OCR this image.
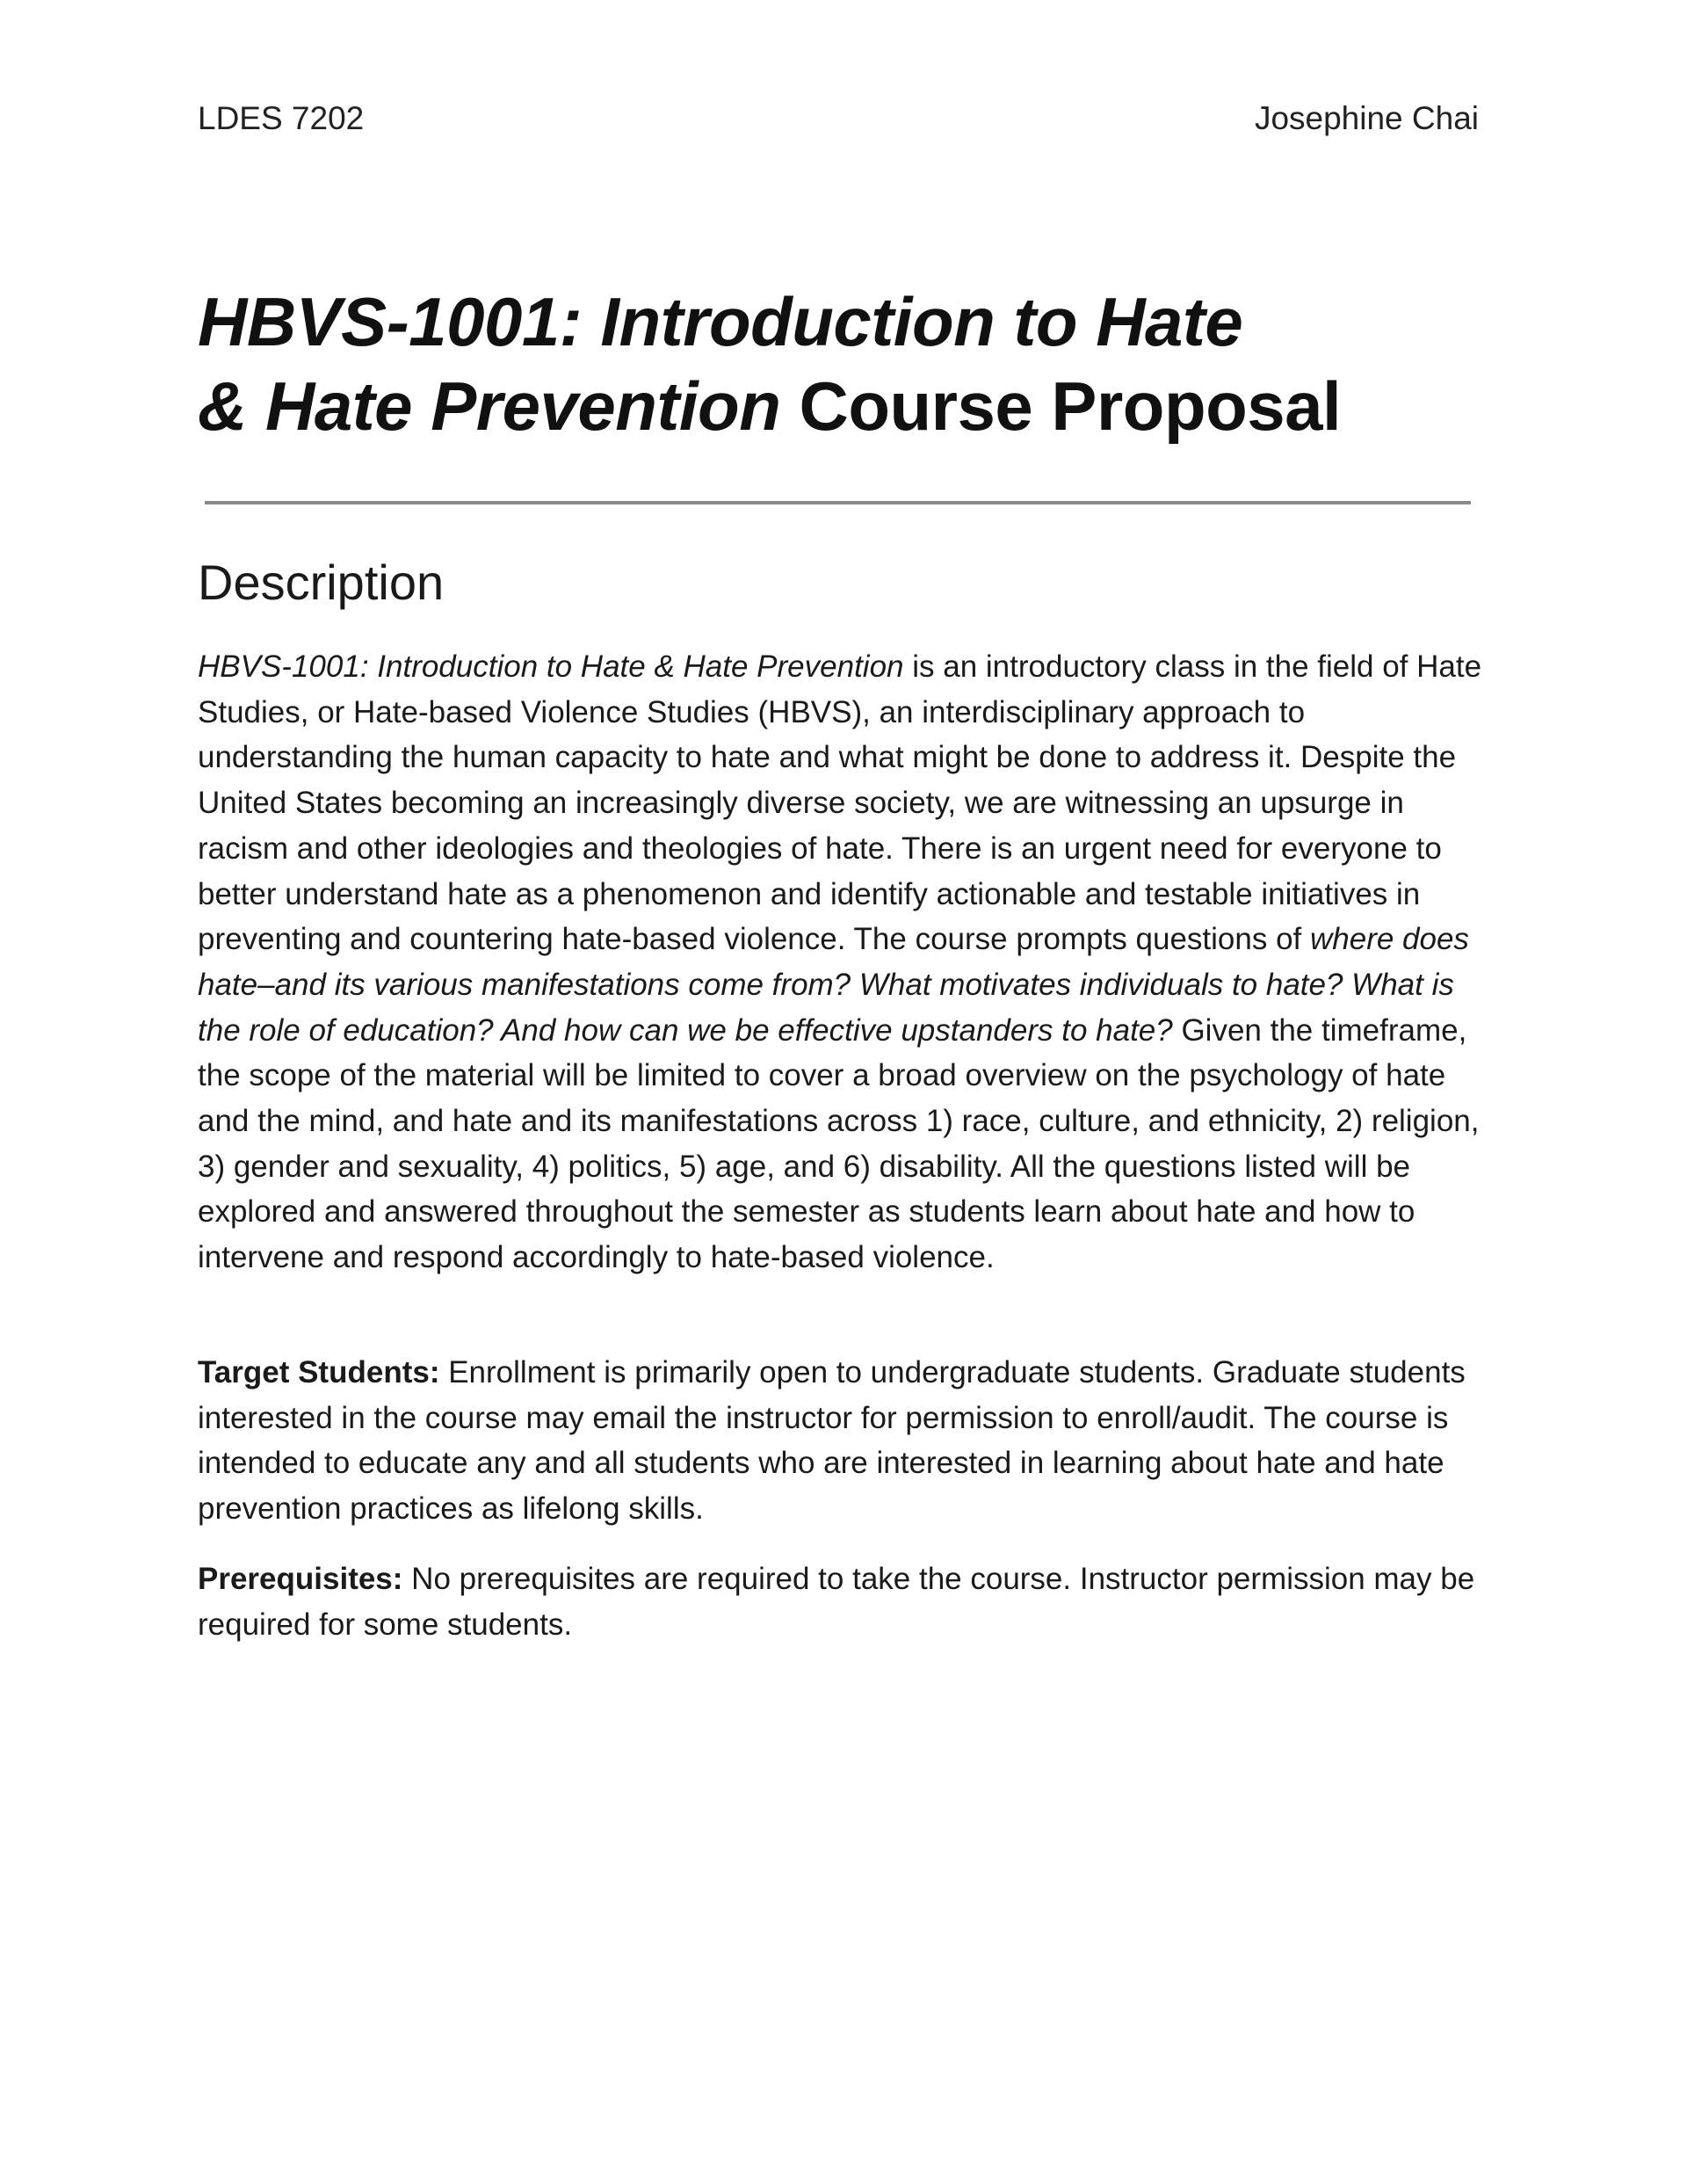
LDES 7202	Josephine Chai
HBVS-1001: Introduction to Hate
& Hate Prevention Course Proposal
Description

HBVS-1001: Introduction to Hate & Hate Prevention is an introductory class in the field of Hate Studies, or Hate-based Violence Studies (HBVS), an interdisciplinary approach to understanding the human capacity to hate and what might be done to address it. Despite the United States becoming an increasingly diverse society, we are witnessing an upsurge in racism and other ideologies and theologies of hate. There is an urgent need for everyone to better understand hate as a phenomenon and identify actionable and testable initiatives in preventing and countering hate-based violence. The course prompts questions of where does hate–and its various manifestations come from? What motivates individuals to hate? What is the role of education? And how can we be effective upstanders to hate? Given the timeframe, the scope of the material will be limited to cover a broad overview on the psychology of hate and the mind, and hate and its manifestations across 1) race, culture, and ethnicity, 2) religion, 3) gender and sexuality, 4) politics, 5) age, and 6) disability. All the questions listed will be explored and answered throughout the semester as students learn about hate and how to intervene and respond accordingly to hate-based violence.

Target Students: Enrollment is primarily open to undergraduate students. Graduate students interested in the course may email the instructor for permission to enroll/audit. The course is intended to educate any and all students who are interested in learning about hate and hate prevention practices as lifelong skills.

Prerequisites: No prerequisites are required to take the course. Instructor permission may be required for some students.
